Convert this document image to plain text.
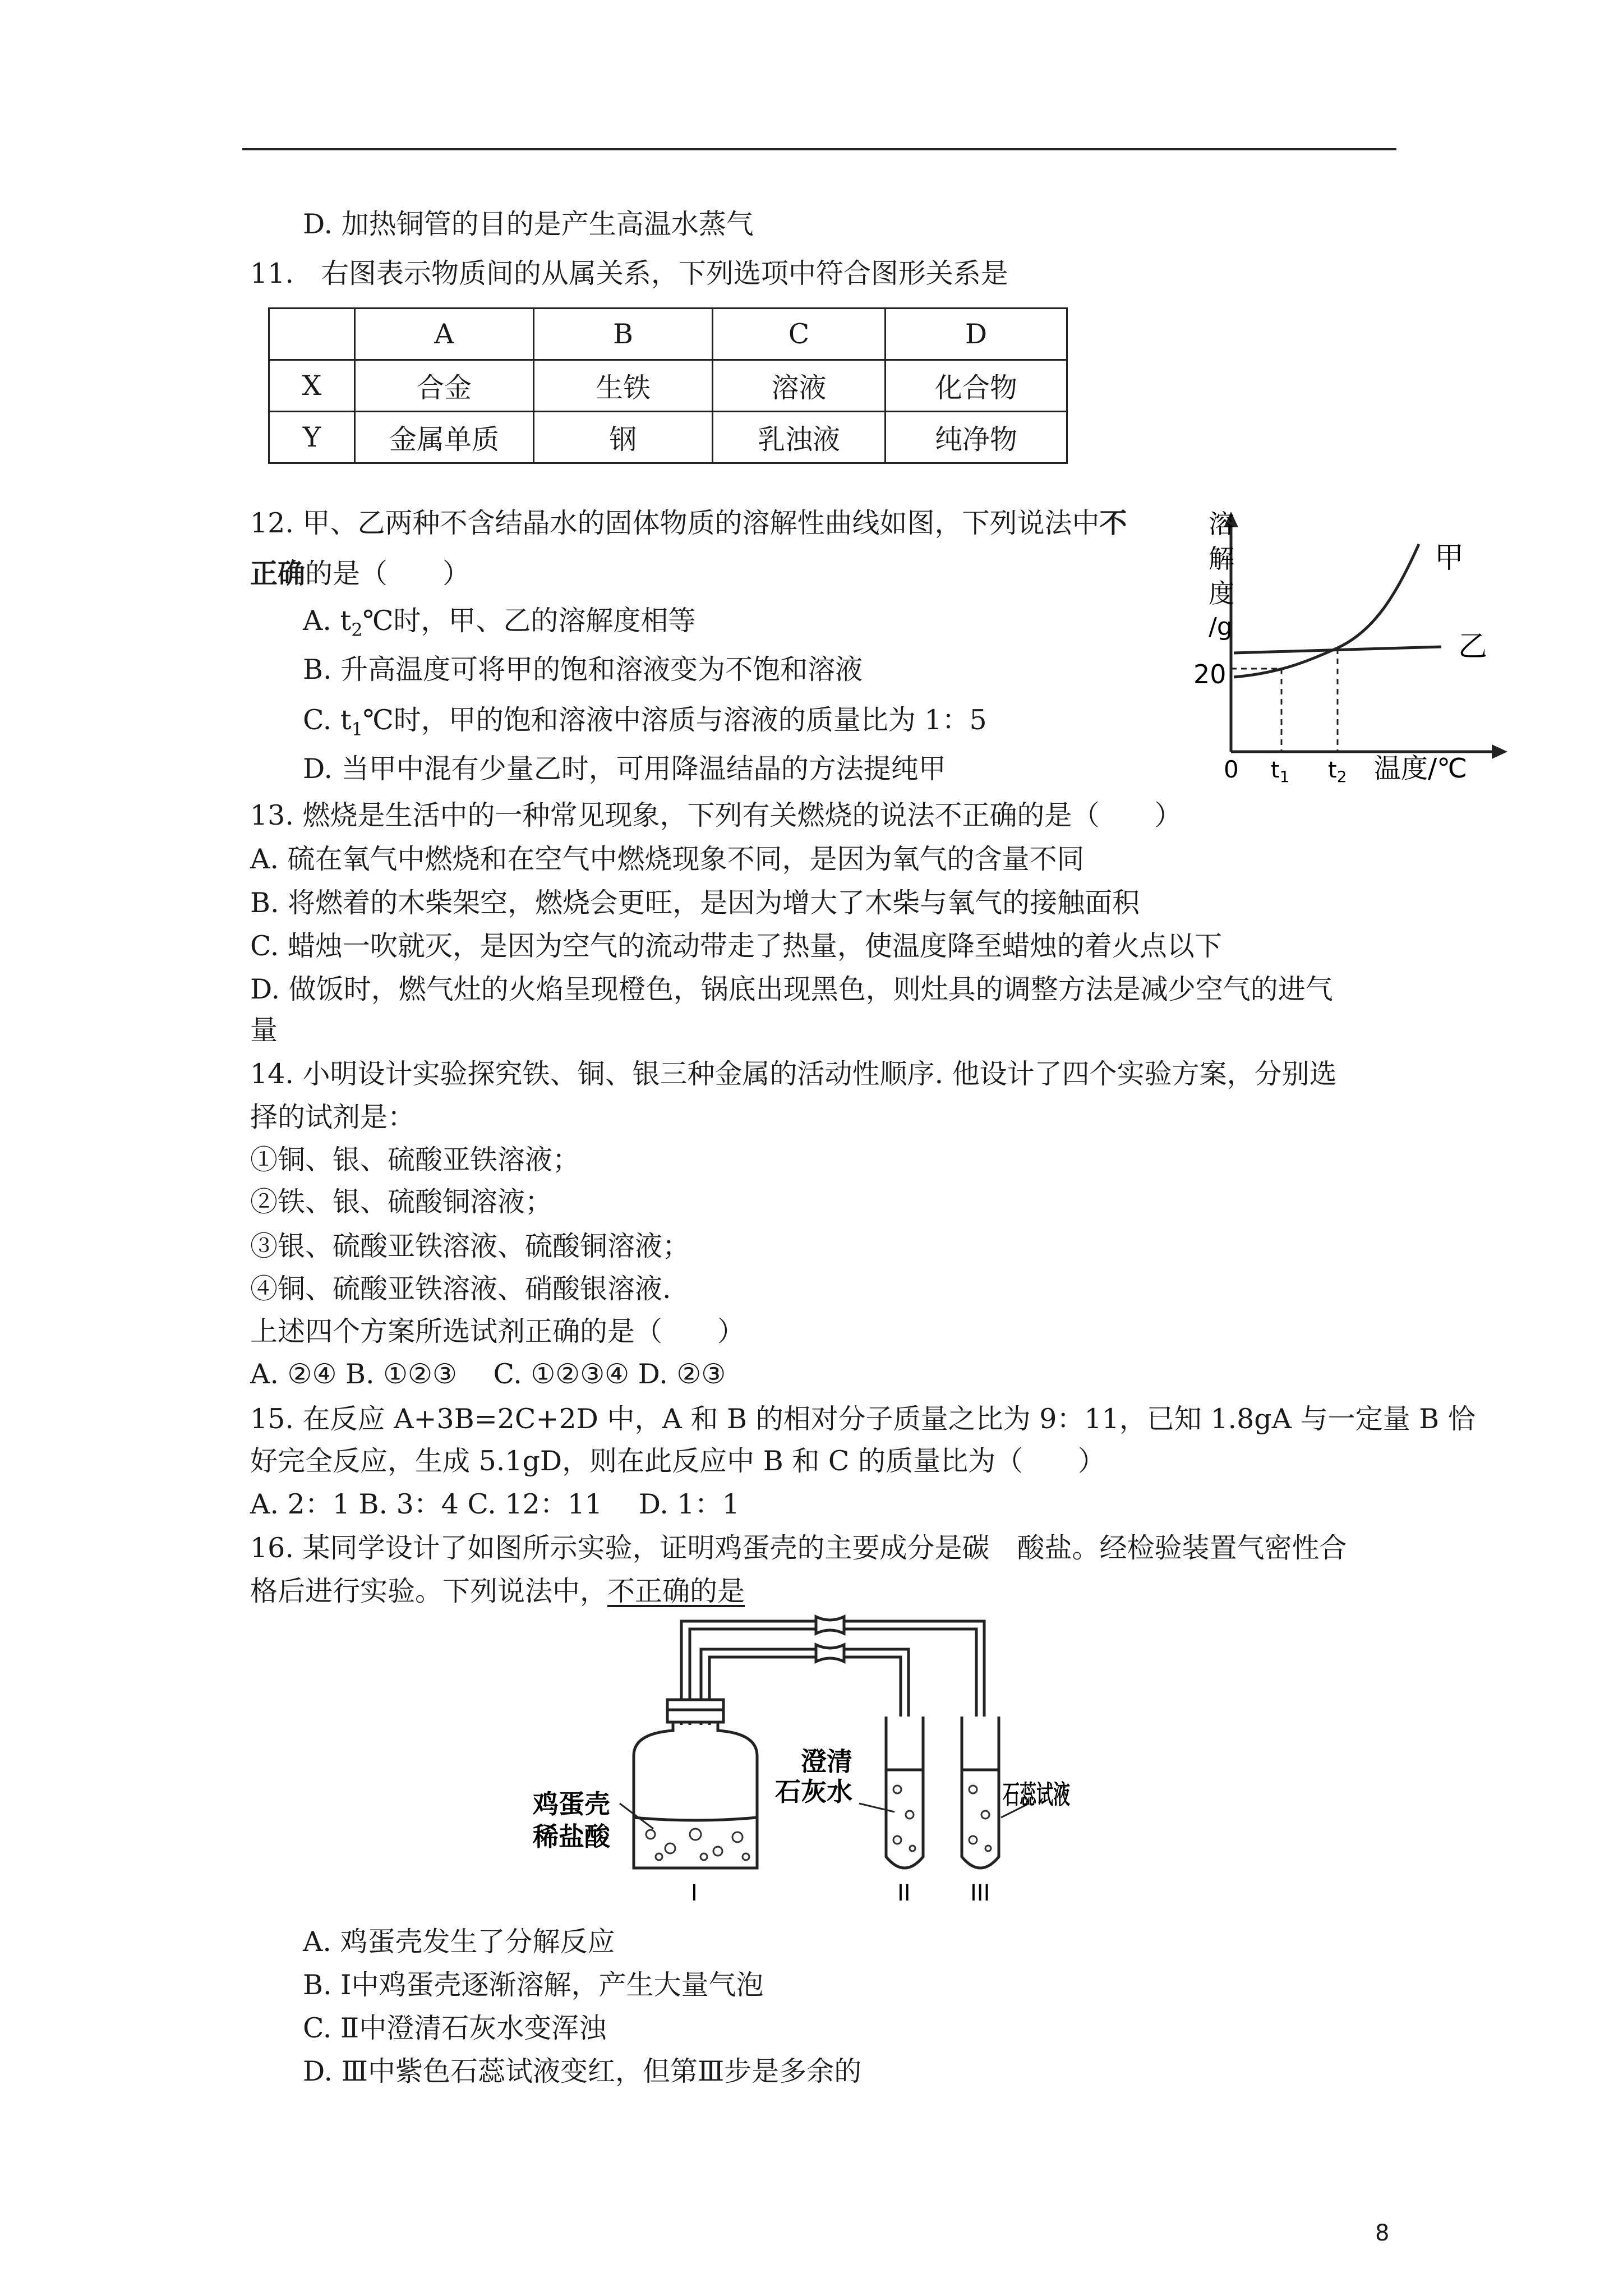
D. 加热铜管的目的是产生高温水蒸气
11.　右图表示物质间的从属关系，下列选项中符合图形关系是
	A	B	C	D
X	合金	生铁	溶液	化合物
Y	金属单质	钢	乳浊液	纯净物
12. 甲、乙两种不含结晶水的固体物质的溶解性曲线如图，下列说法中不
正确的是（　　）
A. $t_2℃$时，甲、乙的溶解度相等
B. 升高温度可将甲的饱和溶液变为不饱和溶液
C. $t_1℃$时，甲的饱和溶液中溶质与溶液的质量比为 1：5
D. 当甲中混有少量乙时，可用降温结晶的方法提纯甲
溶
解
度
/g
20
0 $t_1$ $t_2$ 温度/℃
甲
乙
13. 燃烧是生活中的一种常见现象，下列有关燃烧的说法不正确的是（　　）
A. 硫在氧气中燃烧和在空气中燃烧现象不同，是因为氧气的含量不同
B. 将燃着的木柴架空，燃烧会更旺，是因为增大了木柴与氧气的接触面积
C. 蜡烛一吹就灭，是因为空气的流动带走了热量，使温度降至蜡烛的着火点以下
D. 做饭时，燃气灶的火焰呈现橙色，锅底出现黑色，则灶具的调整方法是减少空气的进气
量
14. 小明设计实验探究铁、铜、银三种金属的活动性顺序. 他设计了四个实验方案，分别选
择的试剂是：
①铜、银、硫酸亚铁溶液；
②铁、银、硫酸铜溶液；
③银、硫酸亚铁溶液、硫酸铜溶液；
④铜、硫酸亚铁溶液、硝酸银溶液.
上述四个方案所选试剂正确的是（　　）
A. ②④ B. ①②③　 C. ①②③④ D. ②③
15. 在反应 A+3B=2C+2D 中，A 和 B 的相对分子质量之比为 9：11，已知 1.8gA 与一定量 B 恰
好完全反应，生成 5.1gD，则在此反应中 B 和 C 的质量比为（　　）
A. 2：1 B. 3：4 C. 12：11　 D. 1：1
16. 某同学设计了如图所示实验，证明鸡蛋壳的主要成分是碳　酸盐。经检验装置气密性合
格后进行实验。下列说法中，不正确的是
鸡蛋壳
稀盐酸
澄清
石灰水	石蕊试液
I	II	III
A. 鸡蛋壳发生了分解反应
B. Ⅰ中鸡蛋壳逐渐溶解，产生大量气泡
C. Ⅱ中澄清石灰水变浑浊
D. Ⅲ中紫色石蕊试液变红，但第Ⅲ步是多余的
8
